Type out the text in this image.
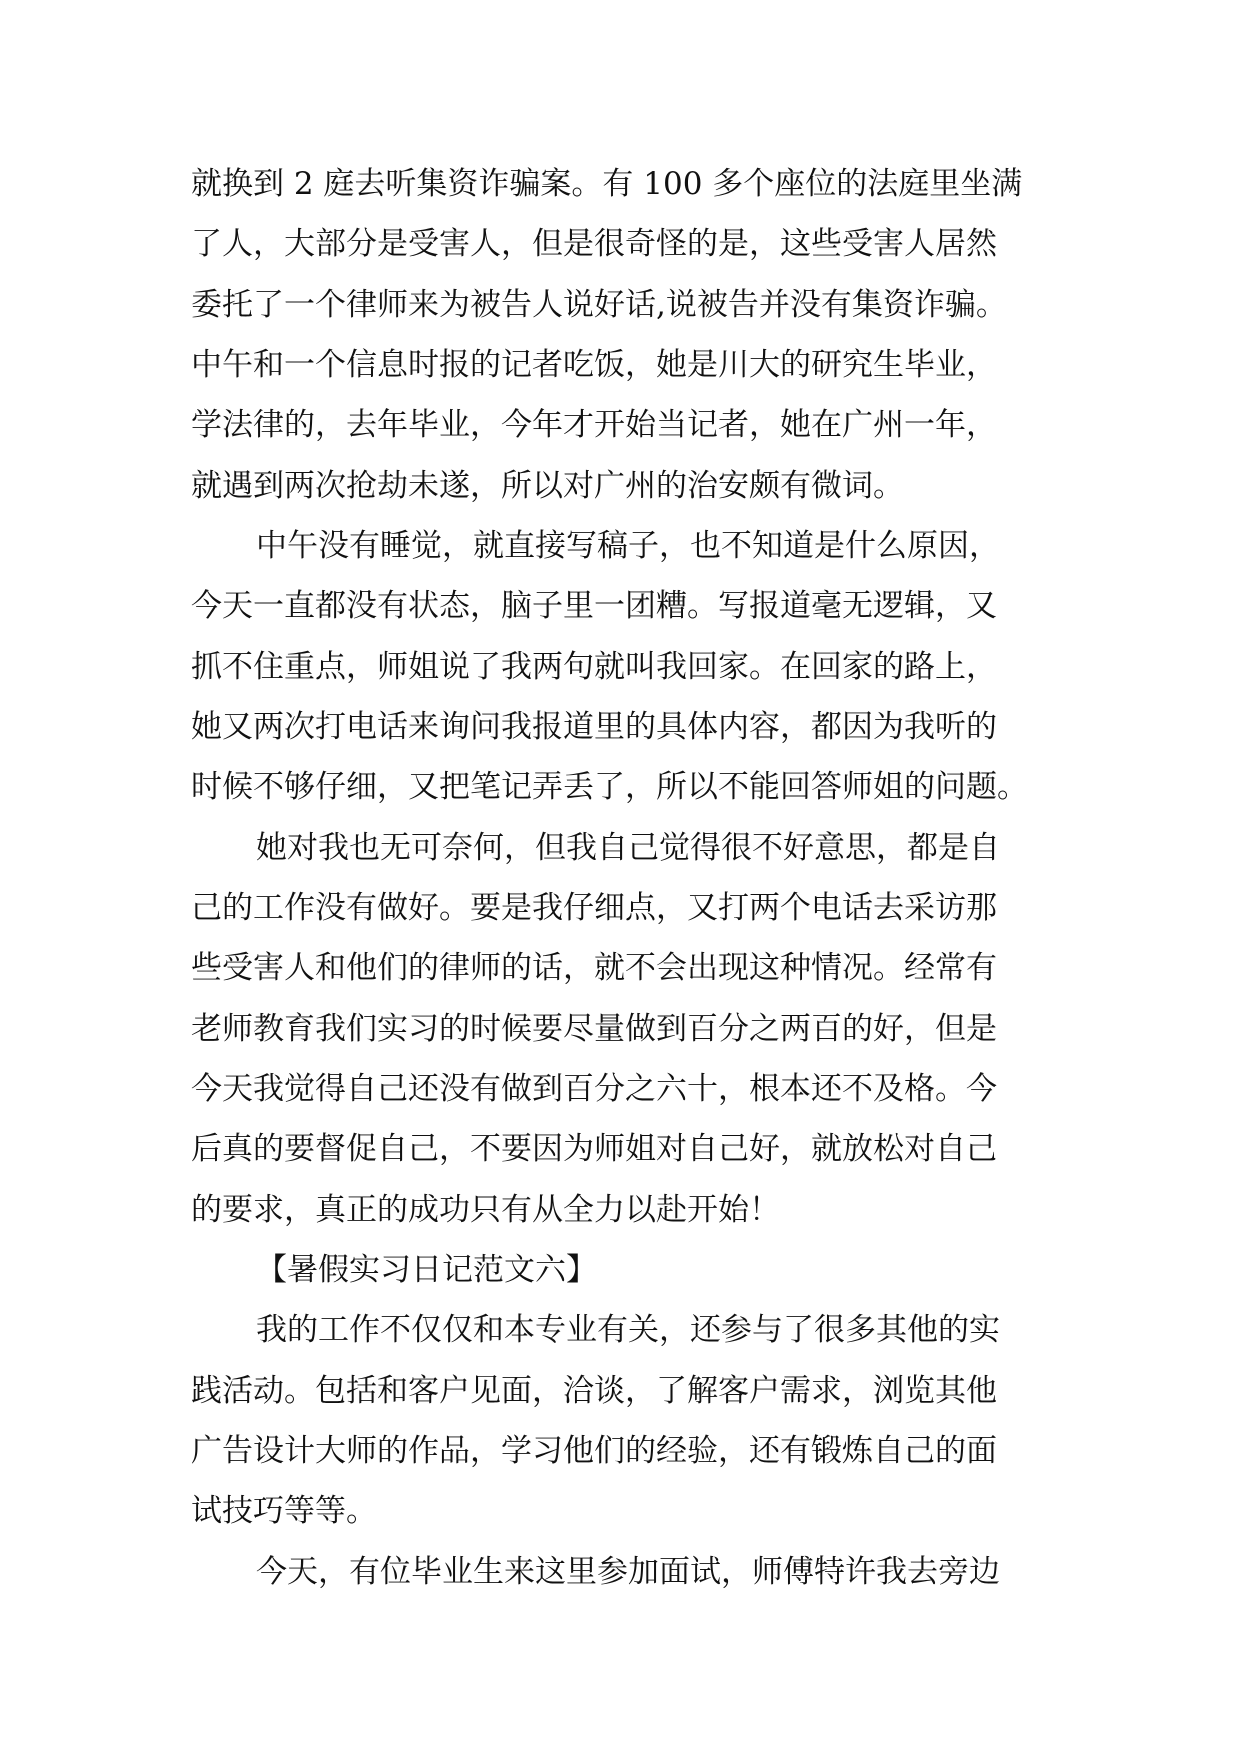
就换到 2 庭去听集资诈骗案。有 100 多个座位的法庭里坐满
了人，大部分是受害人，但是很奇怪的是，这些受害人居然
委托了一个律师来为被告人说好话,说被告并没有集资诈骗。
中午和一个信息时报的记者吃饭，她是川大的研究生毕业，
学法律的，去年毕业，今年才开始当记者，她在广州一年，
就遇到两次抢劫未遂，所以对广州的治安颇有微词。
中午没有睡觉，就直接写稿子，也不知道是什么原因，
今天一直都没有状态，脑子里一团糟。写报道毫无逻辑，又
抓不住重点，师姐说了我两句就叫我回家。在回家的路上，
她又两次打电话来询问我报道里的具体内容，都因为我听的
时候不够仔细，又把笔记弄丢了，所以不能回答师姐的问题。
她对我也无可奈何，但我自己觉得很不好意思，都是自
己的工作没有做好。要是我仔细点，又打两个电话去采访那
些受害人和他们的律师的话，就不会出现这种情况。经常有
老师教育我们实习的时候要尽量做到百分之两百的好，但是
今天我觉得自己还没有做到百分之六十，根本还不及格。今
后真的要督促自己，不要因为师姐对自己好，就放松对自己
的要求，真正的成功只有从全力以赴开始！
【暑假实习日记范文六】
我的工作不仅仅和本专业有关，还参与了很多其他的实
践活动。包括和客户见面，洽谈，了解客户需求，浏览其他
广告设计大师的作品，学习他们的经验，还有锻炼自己的面
试技巧等等。
今天，有位毕业生来这里参加面试，师傅特许我去旁边
